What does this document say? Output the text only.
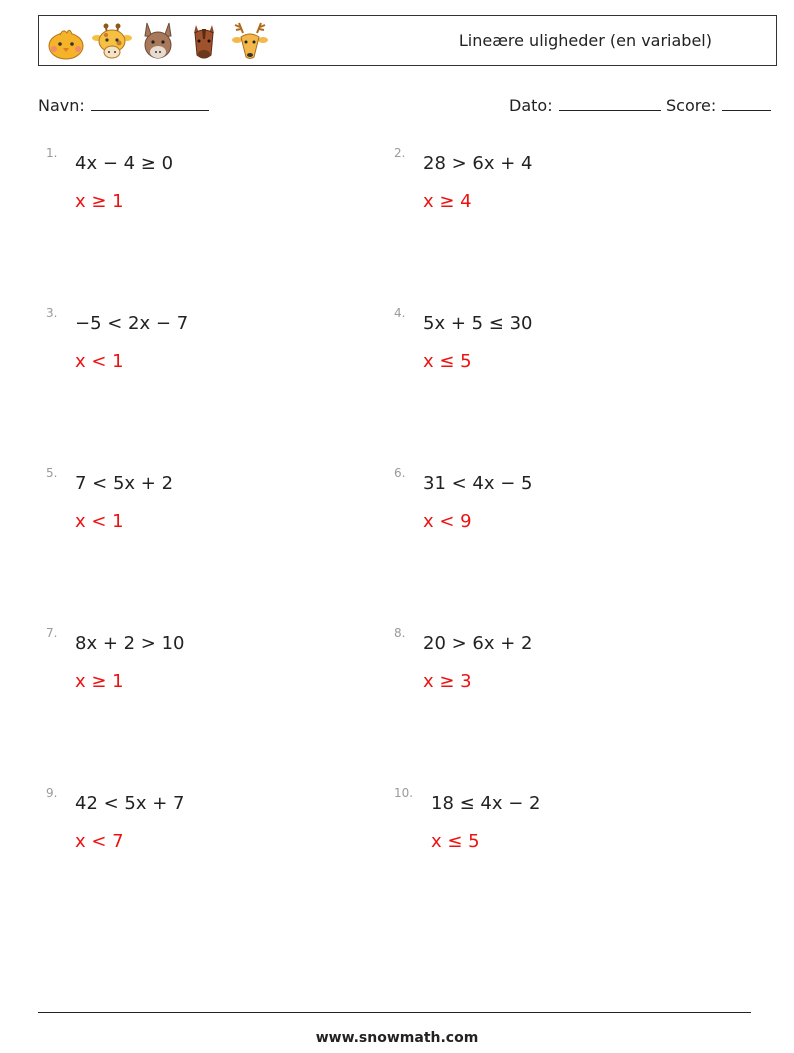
Lineære uligheder (en variabel)
Navn:	Dato:	Score:
1. 4x − 4 ≥ 0
x ≥ 1
2. 28 > 6x + 4
x ≥ 4
3. −5 < 2x − 7
x < 1
4. 5x + 5 ≤ 30
x ≤ 5
5. 7 < 5x + 2
x < 1
6. 31 < 4x − 5
x < 9
7. 8x + 2 > 10
x ≥ 1
8. 20 > 6x + 2
x ≥ 3
9. 42 < 5x + 7
x < 7
10. 18 ≤ 4x − 2
x ≤ 5
www.snowmath.com
